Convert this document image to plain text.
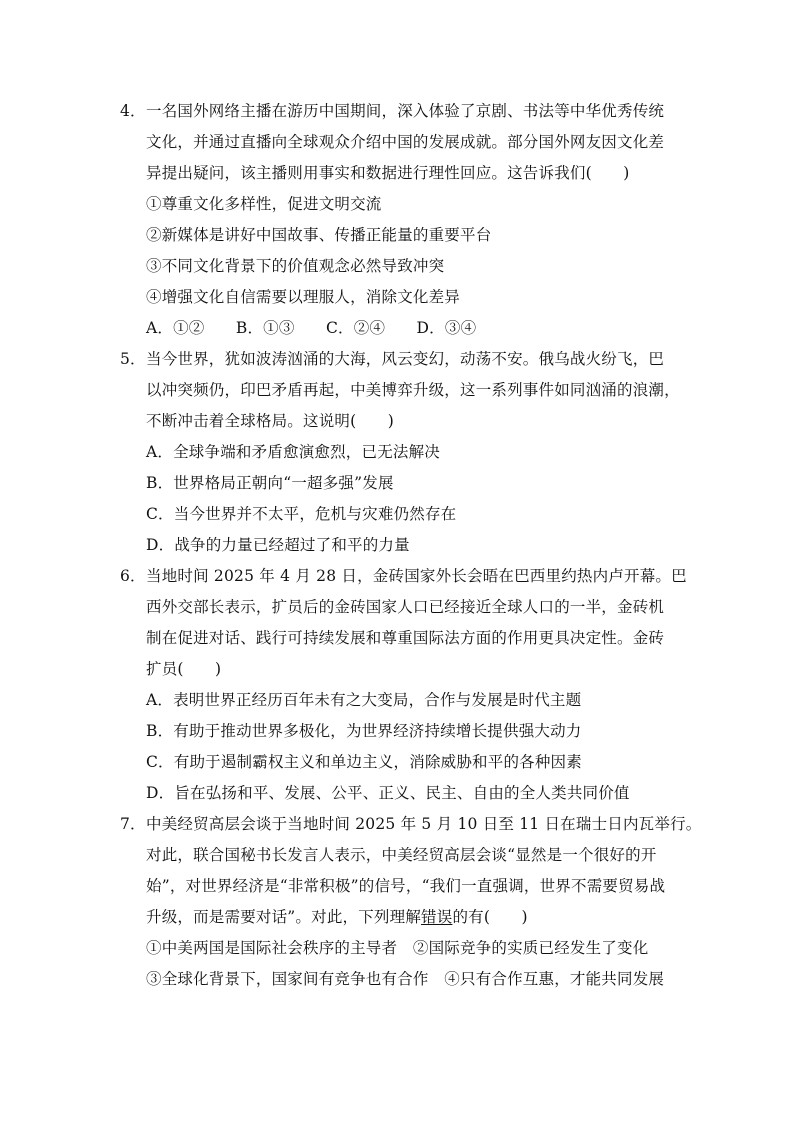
4． 一名国外网络主播在游历中国期间，深入体验了京剧、书法等中华优秀传统
文化，并通过直播向全球观众介绍中国的发展成就。部分国外网友因文化差
异提出疑问，该主播则用事实和数据进行理性回应。这告诉我们(　　)
①尊重文化多样性，促进文明交流
②新媒体是讲好中国故事、传播正能量的重要平台
③不同文化背景下的价值观念必然导致冲突
④增强文化自信需要以理服人，消除文化差异
A．①②　　B．①③　　C．②④　　D．③④
5． 当今世界，犹如波涛汹涌的大海，风云变幻，动荡不安。俄乌战火纷飞，巴
以冲突频仍，印巴矛盾再起，中美博弈升级，这一系列事件如同汹涌的浪潮，
不断冲击着全球格局。这说明(　　)
A．全球争端和矛盾愈演愈烈，已无法解决
B．世界格局正朝向“一超多强”发展
C．当今世界并不太平，危机与灾难仍然存在
D．战争的力量已经超过了和平的力量
6． 当地时间 2025 年 4 月 28 日，金砖国家外长会晤在巴西里约热内卢开幕。巴
西外交部长表示，扩员后的金砖国家人口已经接近全球人口的一半，金砖机
制在促进对话、践行可持续发展和尊重国际法方面的作用更具决定性。金砖
扩员(　　)
A．表明世界正经历百年未有之大变局，合作与发展是时代主题
B．有助于推动世界多极化，为世界经济持续增长提供强大动力
C．有助于遏制霸权主义和单边主义，消除威胁和平的各种因素
D．旨在弘扬和平、发展、公平、正义、民主、自由的全人类共同价值
7． 中美经贸高层会谈于当地时间 2025 年 5 月 10 日至 11 日在瑞士日内瓦举行。
对此，联合国秘书长发言人表示，中美经贸高层会谈“显然是一个很好的开
始”，对世界经济是“非常积极”的信号，“我们一直强调，世界不需要贸易战
升级，而是需要对话”。对此，下列理解错误的有(　　)
①中美两国是国际社会秩序的主导者　②国际竞争的实质已经发生了变化
③全球化背景下，国家间有竞争也有合作　④只有合作互惠，才能共同发展
